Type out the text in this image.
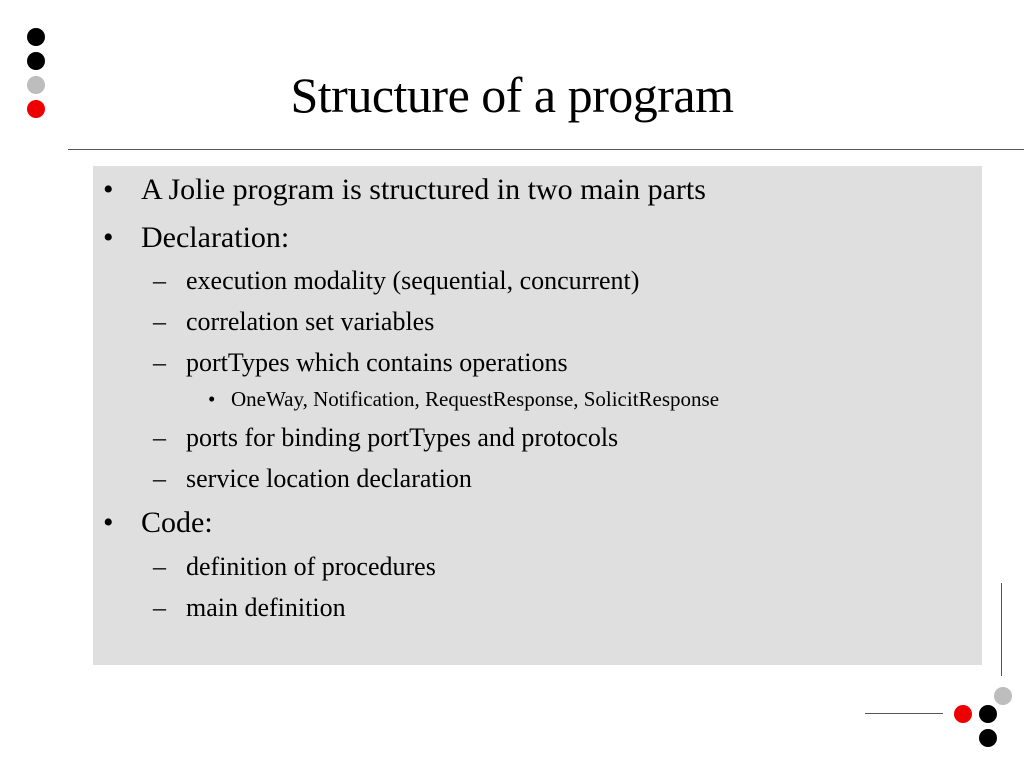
Structure of a program
• A Jolie program is structured in two main parts
• Declaration:
– execution modality (sequential, concurrent)
– correlation set variables
– portTypes which contains operations
• OneWay, Notification, RequestResponse, SolicitResponse
– ports for binding portTypes and protocols
– service location declaration
• Code:
– definition of procedures
– main definition
